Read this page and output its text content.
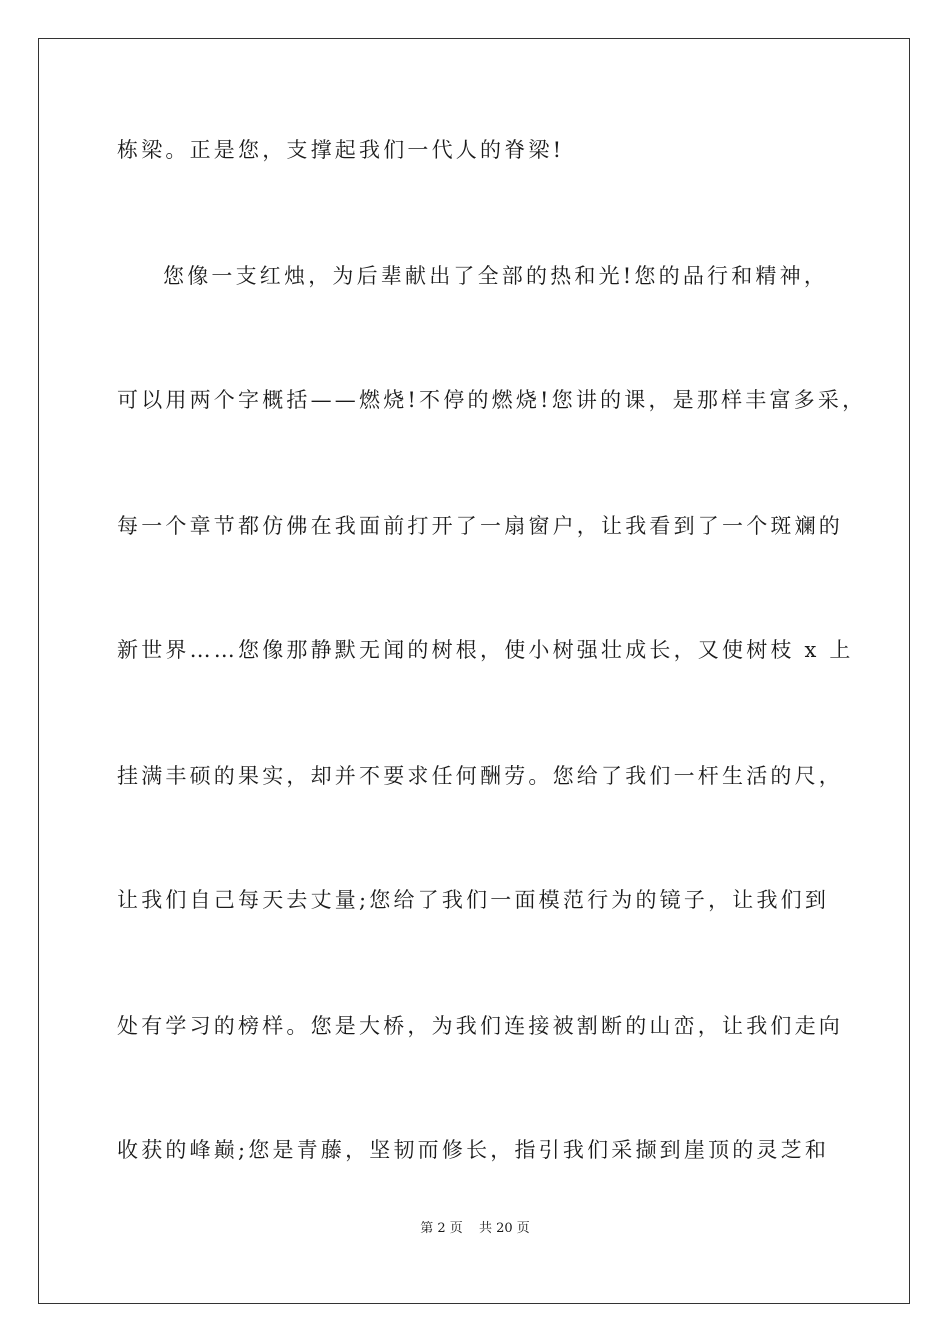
栋梁。正是您，支撑起我们一代人的脊梁!
您像一支红烛，为后辈献出了全部的热和光!您的品行和精神，
可以用两个字概括——燃烧!不停的燃烧!您讲的课，是那样丰富多采，
每一个章节都仿佛在我面前打开了一扇窗户，让我看到了一个斑斓的
新世界……您像那静默无闻的树根，使小树强壮成长，又使树枝 x 上
挂满丰硕的果实，却并不要求任何酬劳。您给了我们一杆生活的尺，
让我们自己每天去丈量;您给了我们一面模范行为的镜子，让我们到
处有学习的榜样。您是大桥，为我们连接被割断的山峦，让我们走向
收获的峰巅;您是青藤，坚韧而修长，指引我们采撷到崖顶的灵芝和
第 2 页 共 20 页
